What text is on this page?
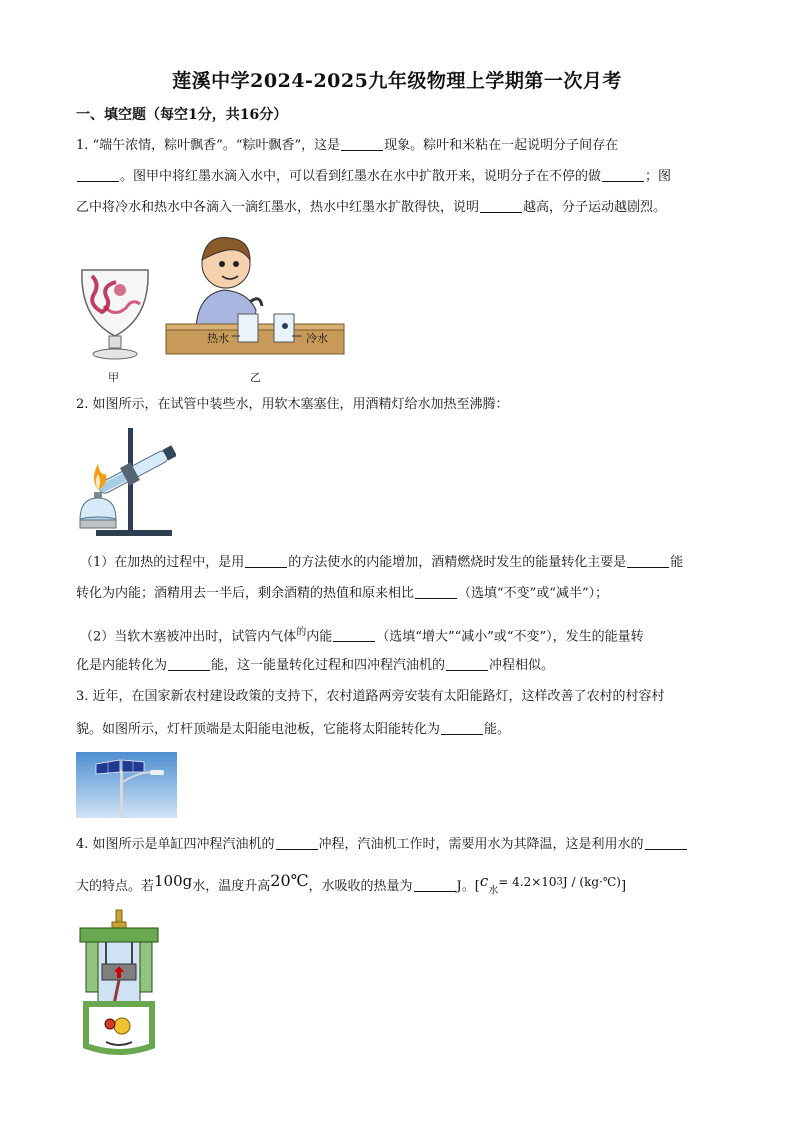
莲溪中学2024-2025九年级物理上学期第一次月考
一、填空题（每空1分，共16分）
1. “端午浓情，粽叶飘香”。“粽叶飘香”，这是	现象。粽叶和米粘在一起说明分子间存在
。图甲中将红墨水滴入水中，可以看到红墨水在水中扩散开来，说明分子在不停的做	；图
乙中将冷水和热水中各滴入一滴红墨水，热水中红墨水扩散得快，说明	越高，分子运动越剧烈。
甲
热水	冷水
乙
2. 如图所示，在试管中装些水，用软木塞塞住，用酒精灯给水加热至沸腾：
（1）在加热的过程中，是用	的方法使水的内能增加，酒精燃烧时发生的能量转化主要是	能
转化为内能；酒精用去一半后，剩余酒精的热值和原来相比	（选填“不变”或“减半”）；
（2）当软木塞被冲出时，试管内气体$^的$内能	（选填“增大”“减小”或“不变”），发生的能量转
化是内能转化为	能，这一能量转化过程和四冲程汽油机的	冲程相似。
3. 近年，在国家新农村建设政策的支持下，农村道路两旁安装有太阳能路灯，这样改善了农村的村容村
貌。如图所示，灯杆顶端是太阳能电池板，它能将太阳能转化为	能。
4. 如图所示是单缸四冲程汽油机的	冲程，汽油机工作时，需要用水为其降温，这是利用水的
大的特点。若100g水，温度升高20℃，水吸收的热量为	J。[$c_水= 4.2\times 10^3J$ / (kg·℃)]
